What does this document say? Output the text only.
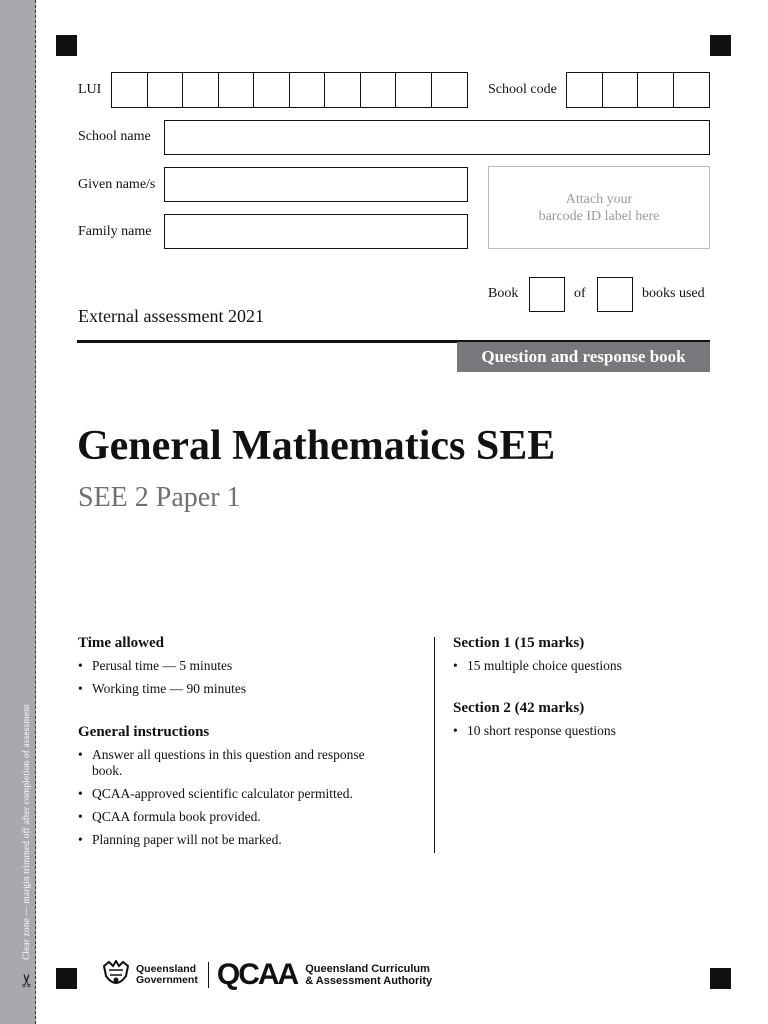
Clear zone — margin trimmed off after completion of assessment
✂
LUI	School code
School name
Given name/s
Family name
Attach your
barcode ID label here
Book	of	books used
External assessment 2021
Question and response book
General Mathematics SEE
SEE 2 Paper 1
Time allowed
• Perusal time — 5 minutes
• Working time — 90 minutes
General instructions
• Answer all questions in this question and response book.
• QCAA-approved scientific calculator permitted.
• QCAA formula book provided.
• Planning paper will not be marked.
Section 1 (15 marks)
• 15 multiple choice questions
Section 2 (42 marks)
• 10 short response questions
Queensland
Government QCAA Queensland Curriculum
& Assessment Authority
